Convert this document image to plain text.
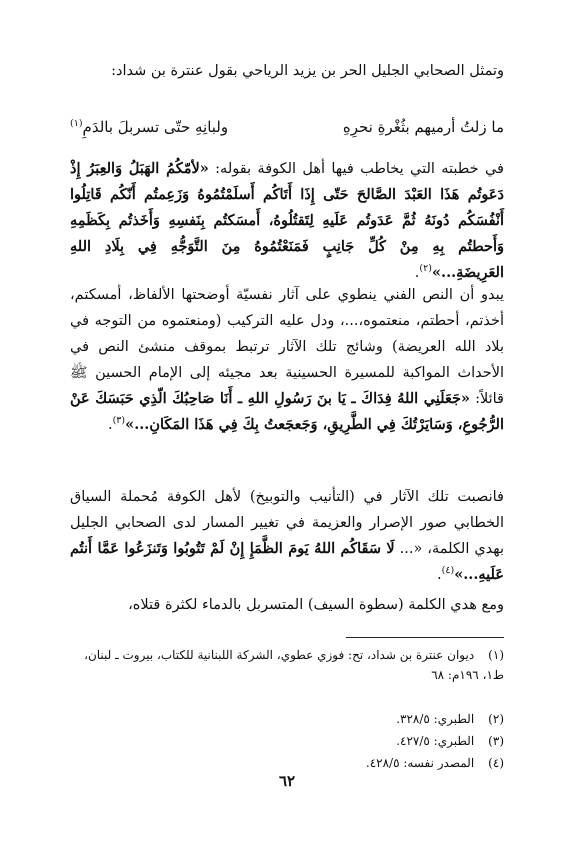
وتمثل الصحابي الجليل الحر بن يزيد الرياحي بقول عنترة بن شداد:

ما زلتُ أرميهم بثُغْرةِ نحرِهِ
ولبانِهِ حتّى تسربلَ بالدَمِ$^{(١)}$

في خطبته التي يخاطب فيها أهل الكوفة بقوله: «لأمّكُمُ الهَبَلُ وَالعِبَرُ إِذْ دَعَوتُم هَذَا العَبْدَ الصَّالحَ حَتّى إِذَا أَتَاكُم أَسلَمْتُمُوهُ وَزَعِمتُم أَنّكُم قَاتِلُوا أَنْفُسَكُم دُونَهُ ثُمَّ عَدَوتُم عَلَيهِ لِتَقتُلُوهُ، أَمسَكتُم بِنَفسِهِ وَأَخَذتُم بِكَظَمِهِ وَأَحطتُم بِهِ مِنْ كُلِّ جَانِبٍ فَمَنَعْتُمُوهُ مِنَ التَّوَجُّهِ فِي بِلَادِ اللهِ العَرِيضَةِ...»$^{(٢)}$.

يبدو أن النص الفني ينطوي على آثار نفسيّة أوضحتها الألفاظ، أمسكتم، أخذتم، أحطتم، منعتموه،...، ودل عليه التركيب (ومنعتموه من التوجه في بلاد الله العريضة) وشائج تلك الآثار ترتبط بموقف منشئ النص في الأحداث المواكبة للمسيرة الحسينية بعد مجيئه إلى الإمام الحسين ﷺ قائلاً: «جَعَلَنِي اللهُ فِدَاكَ ـ يَا بنَ رَسُولِ اللهِ ـ أَنَا صَاحِبُكَ الّذِي حَبَسَكَ عَنْ الرُّجُوعِ، وَسَايَرْتُكَ فِي الطَّرِيقِ، وَجَعجَعتُ بِكَ فِي هَذَا المَكَانِ...»$^{(٣)}$.

فانصبت تلك الآثار في (التأنيب والتوبيخ) لأهل الكوفة مُحملة السياق الخطابي صور الإصرار والعزيمة في تغيير المسار لدى الصحابي الجليل بهدي الكلمة، «... لَا سَقَاكُم اللهُ يَومَ الظَّمَإِ إِنْ لَمْ تَتُوبُوا وَتَنزَعُوا عَمَّا أَنتُم عَلَيهِ...»$^{(٤)}$.

ومع هدي الكلمة (سطوة السيف) المتسربل بالدماء لكثرة قتلاه،

(١) ديوان عنترة بن شداد، تح: فوزي عطوي، الشركة اللبنانية للكتاب، بيروت ـ لبنان، ط١، ١٩٦م: ٦٨
(٢) الطبري: ٣٢٨/٥.
(٣) الطبري: ٤٢٧/٥.
(٤) المصدر نفسه: ٤٢٨/٥.
٦٢
